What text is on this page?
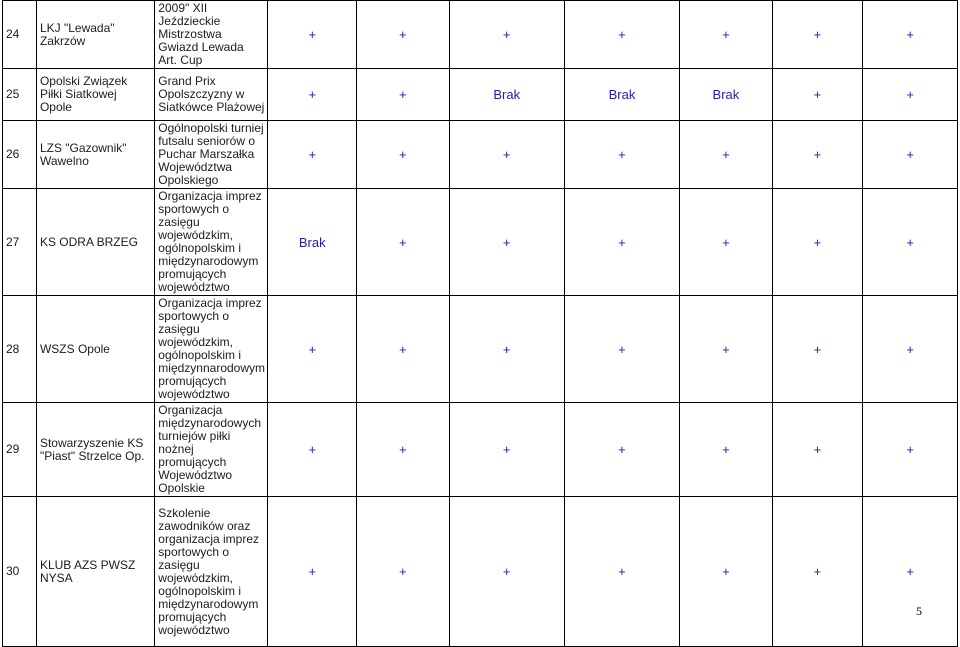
24	LKJ "Lewada" Zakrzów	2009" XII Jeździeckie Mistrzostwa Gwiazd Lewada Art. Cup	+	+	+	+	+	+	+		
25	Opolski Związek Piłki Siatkowej Opole	Grand Prix Opolszczyzny w Siatkówce Plażowej	+	+	Brak	Brak	Brak	+	+		
26	LZS "Gazownik" Wawelno	Ogólnopolski turniej futsalu seniorów o Puchar Marszałka Województwa Opolskiego	+	+	+	+	+	+	+		
27	KS ODRA BRZEG	Organizacja imprez sportowych o zasięgu wojewódzkim, ogólnopolskim i międzynarodowym promujących województwo	Brak	+	+	+	+	+	+		
28	WSZS Opole	Organizacja imprez sportowych o zasięgu wojewódzkim, ogólnopolskim i międzynnarodowym promujących województwo	+	+	+	+	+	+	+		
29	Stowarzyszenie KS "Piast" Strzelce Op.	Organizacja międzynarodowych turniejów piłki nożnej promujących Województwo Opolskie	+	+	+	+	+	+	+		
30	KLUB AZS PWSZ NYSA	Szkolenie zawodników oraz organizacja imprez sportowych o zasięgu wojewódzkim, ogólnopolskim i międzynarodowym promujących województwo	+	+	+	+	+	+	+		
5
